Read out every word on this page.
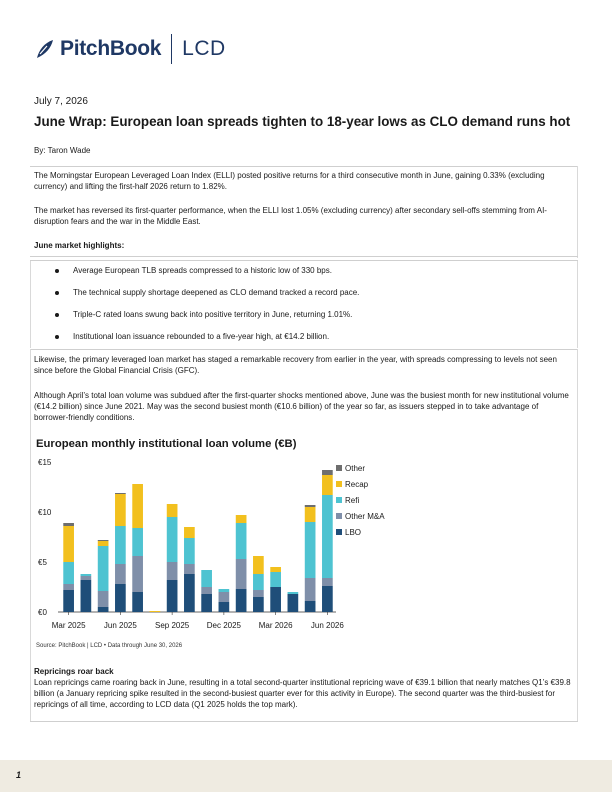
PitchBook LCD
July 7, 2026
June Wrap: European loan spreads tighten to 18-year lows as CLO demand runs hot
By: Taron Wade

The Morningstar European Leveraged Loan Index (ELLI) posted positive returns for a third consecutive month in June, gaining 0.33% (excluding currency) and lifting the first-half 2026 return to 1.82%.

The market has reversed its first-quarter performance, when the ELLI lost 1.05% (excluding currency) after secondary sell-offs stemming from AI-disruption fears and the war in the Middle East.

June market highlights:
Average European TLB spreads compressed to a historic low of 330 bps.
The technical supply shortage deepened as CLO demand tracked a record pace.
Triple-C rated loans swung back into positive territory in June, returning 1.01%.
Institutional loan issuance rebounded to a five-year high, at €14.2 billion.

Likewise, the primary leveraged loan market has staged a remarkable recovery from earlier in the year, with spreads compressing to levels not seen since before the Global Financial Crisis (GFC).

Although April’s total loan volume was subdued after the first-quarter shocks mentioned above, June was the busiest month for new institutional volume (€14.2 billion) since June 2021. May was the second busiest month (€10.6 billion) of the year so far, as issuers stepped in to take advantage of borrower-friendly conditions.

European monthly institutional loan volume (€B)
€0
€5
€10
€15
Mar 2025 Jun 2025 Sep 2025 Dec 2025 Mar 2026 Jun 2026
Other
Recap
Refi
Other M&A
LBO
Source: PitchBook | LCD • Data through June 30, 2026
Repricings roar back

Loan repricings came roaring back in June, resulting in a total second-quarter institutional repricing wave of €39.1 billion that nearly matches Q1’s €39.8 billion (a January repricing spike resulted in the second-busiest quarter ever for this activity in Europe). The second quarter was the third-busiest for repricings of all time, according to LCD data (Q1 2025 holds the top mark).

1
